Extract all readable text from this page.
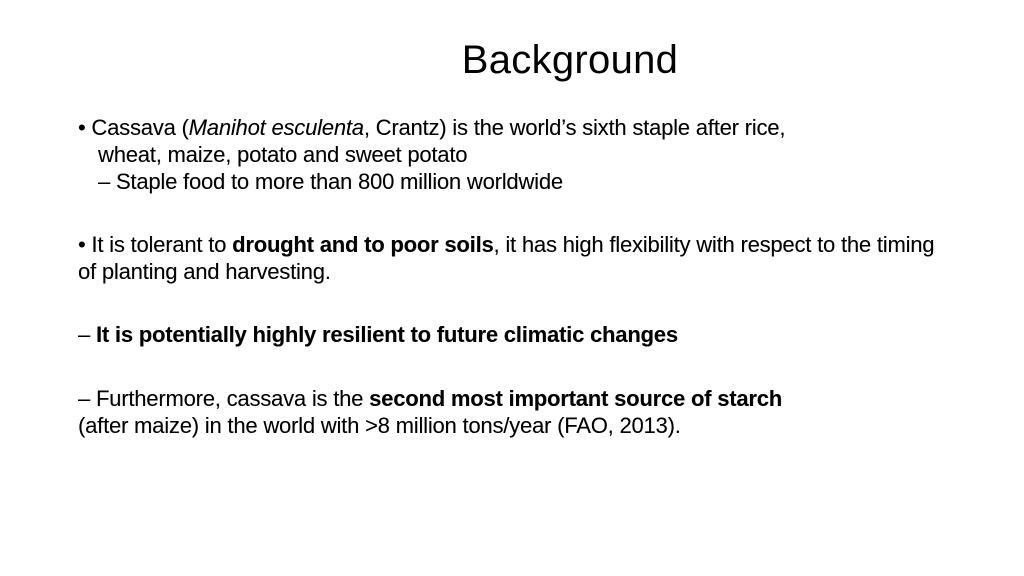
Background
• Cassava (Manihot esculenta, Crantz) is the world’s sixth staple after rice,
wheat, maize, potato and sweet potato
– Staple food to more than 800 million worldwide
• It is tolerant to drought and to poor soils, it has high flexibility with respect to the timing of planting and harvesting.
– It is potentially highly resilient to future climatic changes
– Furthermore, cassava is the second most important source of starch (after maize) in the world with >8 million tons/year (FAO, 2013).
